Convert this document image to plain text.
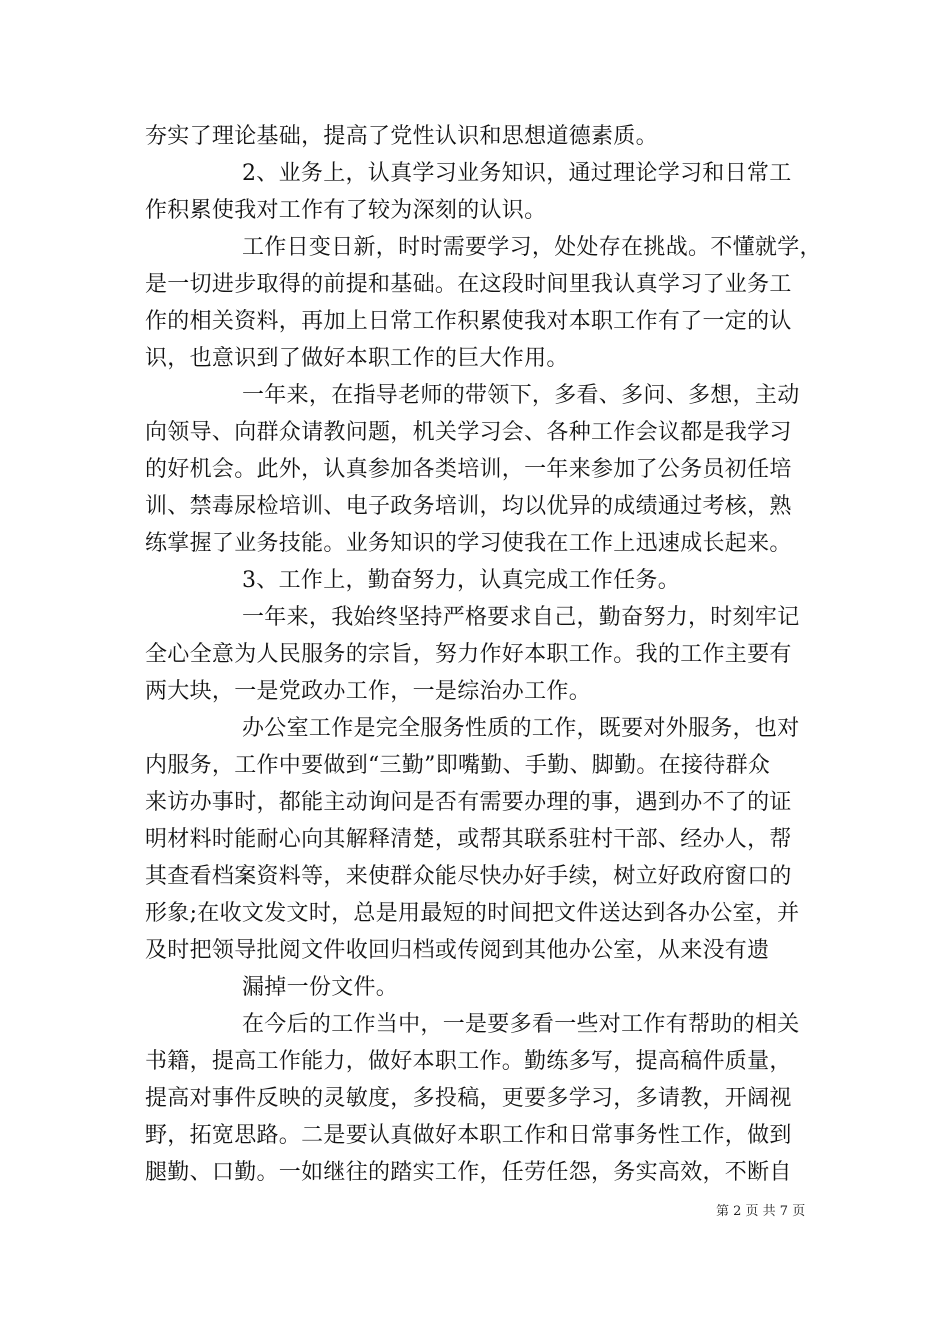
夯实了理论基础，提高了党性认识和思想道德素质。
2、业务上，认真学习业务知识，通过理论学习和日常工
作积累使我对工作有了较为深刻的认识。
工作日变日新，时时需要学习，处处存在挑战。不懂就学，
是一切进步取得的前提和基础。在这段时间里我认真学习了业务工
作的相关资料，再加上日常工作积累使我对本职工作有了一定的认
识，也意识到了做好本职工作的巨大作用。
一年来，在指导老师的带领下，多看、多问、多想，主动
向领导、向群众请教问题，机关学习会、各种工作会议都是我学习
的好机会。此外，认真参加各类培训，一年来参加了公务员初任培
训、禁毒尿检培训、电子政务培训，均以优异的成绩通过考核，熟
练掌握了业务技能。业务知识的学习使我在工作上迅速成长起来。
3、工作上，勤奋努力，认真完成工作任务。
一年来，我始终坚持严格要求自己，勤奋努力，时刻牢记
全心全意为人民服务的宗旨，努力作好本职工作。我的工作主要有
两大块，一是党政办工作，一是综治办工作。
办公室工作是完全服务性质的工作，既要对外服务，也对
内服务，工作中要做到“三勤”即嘴勤、手勤、脚勤。在接待群众
来访办事时，都能主动询问是否有需要办理的事，遇到办不了的证
明材料时能耐心向其解释清楚，或帮其联系驻村干部、经办人，帮
其查看档案资料等，来使群众能尽快办好手续，树立好政府窗口的
形象;在收文发文时，总是用最短的时间把文件送达到各办公室，并
及时把领导批阅文件收回归档或传阅到其他办公室，从来没有遗
漏掉一份文件。
在今后的工作当中，一是要多看一些对工作有帮助的相关
书籍，提高工作能力，做好本职工作。勤练多写，提高稿件质量，
提高对事件反映的灵敏度，多投稿，更要多学习，多请教，开阔视
野，拓宽思路。二是要认真做好本职工作和日常事务性工作，做到
腿勤、口勤。一如继往的踏实工作，任劳任怨，务实高效，不断自
第 2 页 共 7 页
